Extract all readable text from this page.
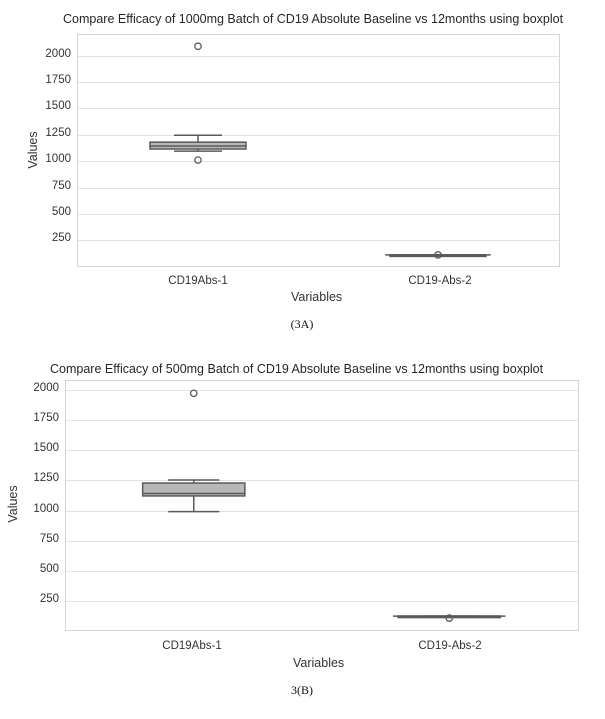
Compare Efficacy of 1000mg Batch of CD19 Absolute Baseline vs 12months using boxplot
Values
250
500
750
1000
1250
1500
1750
2000
CD19Abs-1	CD19-Abs-2
Variables
(3A)
Compare Efficacy of 500mg Batch of CD19 Absolute Baseline vs 12months using boxplot
Values
250
500
750
1000
1250
1500
1750
2000
CD19Abs-1	CD19-Abs-2
Variables
3(B)
